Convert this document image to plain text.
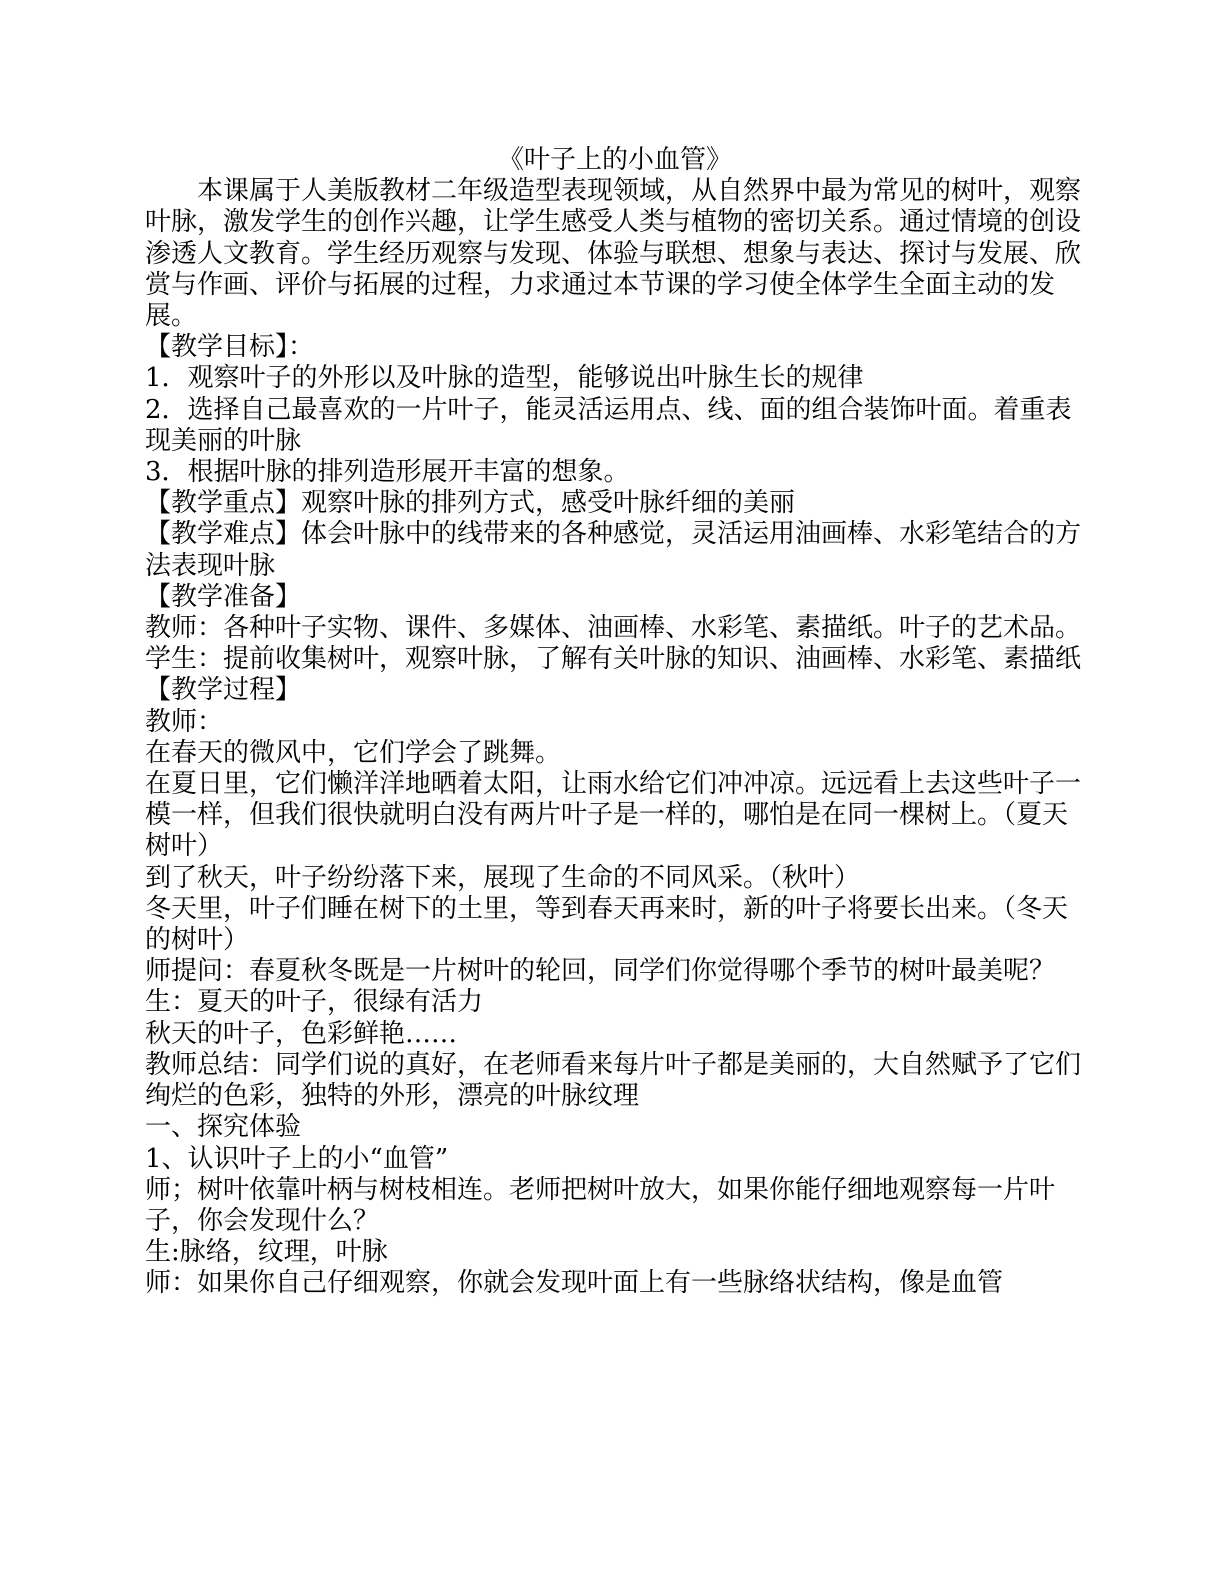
《叶子上的小血管》

本课属于人美版教材二年级造型表现领域，从自然界中最为常见的树叶，观察叶脉，激发学生的创作兴趣，让学生感受人类与植物的密切关系。通过情境的创设渗透人文教育。学生经历观察与发现、体验与联想、想象与表达、探讨与发展、欣赏与作画、评价与拓展的过程，力求通过本节课的学习使全体学生全面主动的发展。

【教学目标】：

1．观察叶子的外形以及叶脉的造型，能够说出叶脉生长的规律

2．选择自己最喜欢的一片叶子，能灵活运用点、线、面的组合装饰叶面。着重表现美丽的叶脉

3．根据叶脉的排列造形展开丰富的想象。

【教学重点】观察叶脉的排列方式，感受叶脉纤细的美丽

【教学难点】体会叶脉中的线带来的各种感觉，灵活运用油画棒、水彩笔结合的方法表现叶脉

【教学准备】

教师：各种叶子实物、课件、多媒体、油画棒、水彩笔、素描纸。叶子的艺术品。

学生：提前收集树叶，观察叶脉，了解有关叶脉的知识、油画棒、水彩笔、素描纸

【教学过程】

教师：

在春天的微风中，它们学会了跳舞。

在夏日里，它们懒洋洋地晒着太阳，让雨水给它们冲冲凉。远远看上去这些叶子一模一样，但我们很快就明白没有两片叶子是一样的，哪怕是在同一棵树上。（夏天树叶）

到了秋天，叶子纷纷落下来，展现了生命的不同风采。（秋叶）

冬天里，叶子们睡在树下的土里，等到春天再来时，新的叶子将要长出来。（冬天的树叶）

师提问：春夏秋冬既是一片树叶的轮回，同学们你觉得哪个季节的树叶最美呢？

生：夏天的叶子，很绿有活力

秋天的叶子，色彩鲜艳……

教师总结：同学们说的真好，在老师看来每片叶子都是美丽的，大自然赋予了它们绚烂的色彩，独特的外形，漂亮的叶脉纹理

一、探究体验

1、认识叶子上的小“血管”

师；树叶依靠叶柄与树枝相连。老师把树叶放大，如果你能仔细地观察每一片叶子，你会发现什么？

生:脉络，纹理，叶脉

师：如果你自己仔细观察，你就会发现叶面上有一些脉络状结构，像是血管
